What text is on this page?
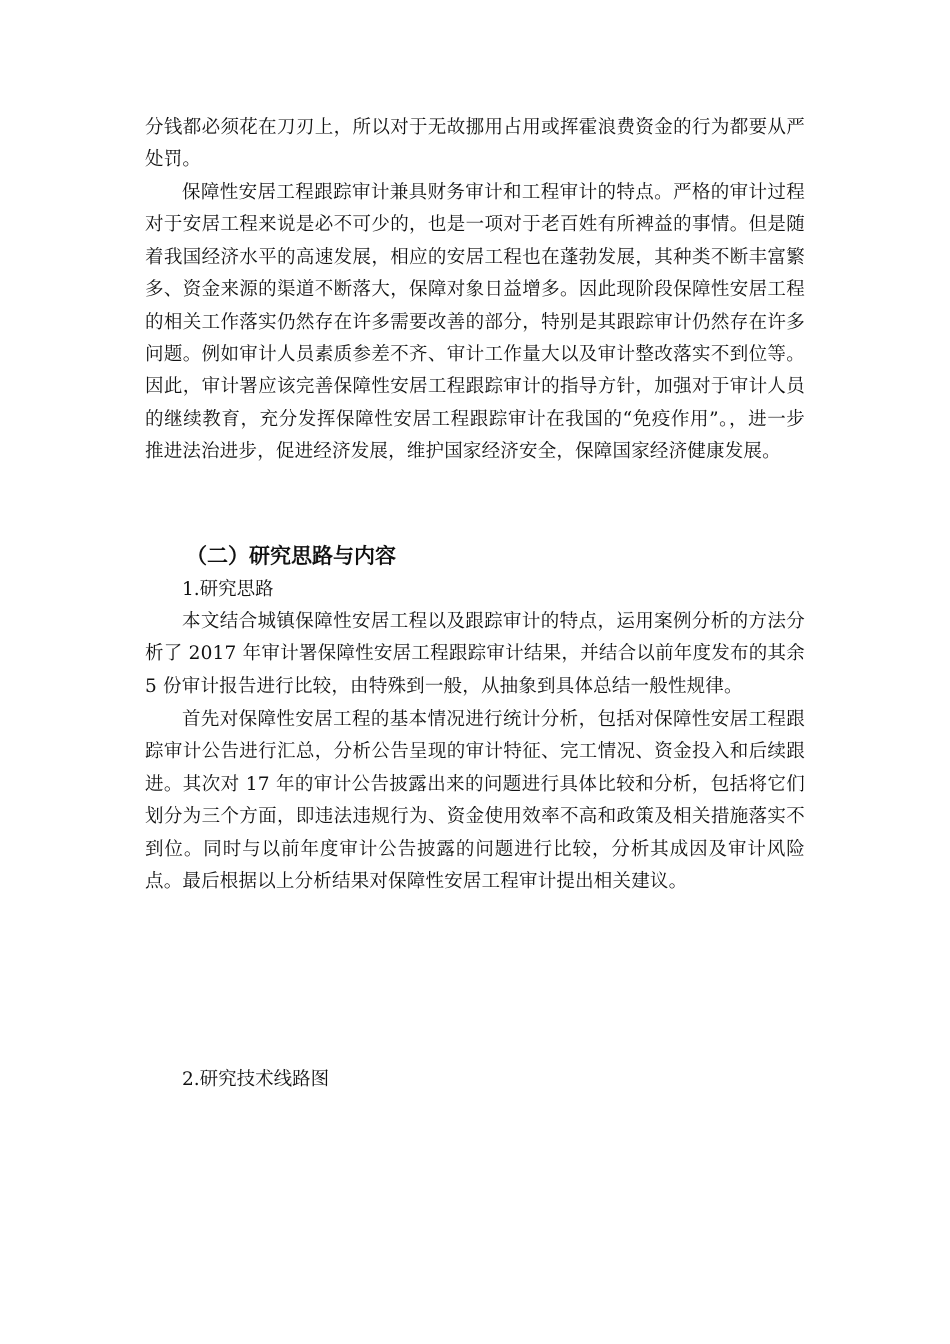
分钱都必须花在刀刃上，所以对于无故挪用占用或挥霍浪费资金的行为都要从严处罚。

保障性安居工程跟踪审计兼具财务审计和工程审计的特点。严格的审计过程对于安居工程来说是必不可少的，也是一项对于老百姓有所裨益的事情。但是随着我国经济水平的高速发展，相应的安居工程也在蓬勃发展，其种类不断丰富繁多、资金来源的渠道不断落大，保障对象日益增多。因此现阶段保障性安居工程的相关工作落实仍然存在许多需要改善的部分，特别是其跟踪审计仍然存在许多问题。例如审计人员素质参差不齐、审计工作量大以及审计整改落实不到位等。因此，审计署应该完善保障性安居工程跟踪审计的指导方针，加强对于审计人员的继续教育，充分发挥保障性安居工程跟踪审计在我国的“免疫作用”。，进一步推进法治进步，促进经济发展，维护国家经济安全，保障国家经济健康发展。

（二）研究思路与内容

1.研究思路

本文结合城镇保障性安居工程以及跟踪审计的特点，运用案例分析的方法分析了 2017 年审计署保障性安居工程跟踪审计结果，并结合以前年度发布的其余 5 份审计报告进行比较，由特殊到一般，从抽象到具体总结一般性规律。

首先对保障性安居工程的基本情况进行统计分析，包括对保障性安居工程跟踪审计公告进行汇总，分析公告呈现的审计特征、完工情况、资金投入和后续跟进。其次对 17 年的审计公告披露出来的问题进行具体比较和分析，包括将它们划分为三个方面，即违法违规行为、资金使用效率不高和政策及相关措施落实不到位。同时与以前年度审计公告披露的问题进行比较，分析其成因及审计风险点。最后根据以上分析结果对保障性安居工程审计提出相关建议。

2.研究技术线路图
